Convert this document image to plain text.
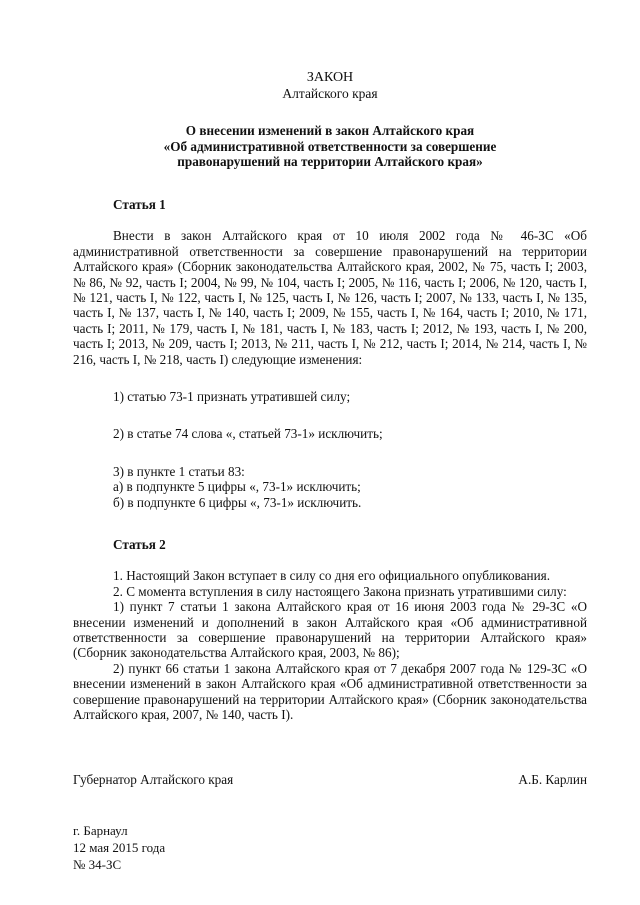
ЗАКОН
Алтайского края
О внесении изменений в закон Алтайского края
«Об административной ответственности за совершение
правонарушений на территории Алтайского края»
Статья 1
Внести в закон Алтайского края от 10 июля 2002 года № 46-ЗС «Об административной ответственности за совершение правонарушений на территории Алтайского края» (Сборник законодательства Алтайского края, 2002, № 75, часть I; 2003, № 86, № 92, часть I; 2004, № 99, № 104, часть I; 2005, № 116, часть I; 2006, № 120, часть I, № 121, часть I, № 122, часть I, № 125, часть I, № 126, часть I; 2007, № 133, часть I, № 135, часть I, № 137, часть I, № 140, часть I; 2009, № 155, часть I, № 164, часть I; 2010, № 171, часть I; 2011, № 179, часть I, № 181, часть I, № 183, часть I; 2012, № 193, часть I, № 200, часть I; 2013, № 209, часть I; 2013, № 211, часть I, № 212, часть I; 2014, № 214, часть I, № 216, часть I, № 218, часть I) следующие изменения:
1) статью 73-1 признать утратившей силу;
2) в статье 74 слова «, статьей 73-1» исключить;
3) в пункте 1 статьи 83:
а) в подпункте 5 цифры «, 73-1» исключить;
б) в подпункте 6 цифры «, 73-1» исключить.
Статья 2
1. Настоящий Закон вступает в силу со дня его официального опубликования.
2. С момента вступления в силу настоящего Закона признать утратившими силу:
1) пункт 7 статьи 1 закона Алтайского края от 16 июня 2003 года № 29-ЗС «О внесении изменений и дополнений в закон Алтайского края «Об административной ответственности за совершение правонарушений на территории Алтайского края» (Сборник законодательства Алтайского края, 2003, № 86);
2) пункт 66 статьи 1 закона Алтайского края от 7 декабря 2007 года № 129-ЗС «О внесении изменений в закон Алтайского края «Об административной ответственности за совершение правонарушений на территории Алтайского края» (Сборник законодательства Алтайского края, 2007, № 140, часть I).
Губернатор Алтайского края	А.Б. Карлин
г. Барнаул
12 мая 2015 года
№ 34-ЗС
